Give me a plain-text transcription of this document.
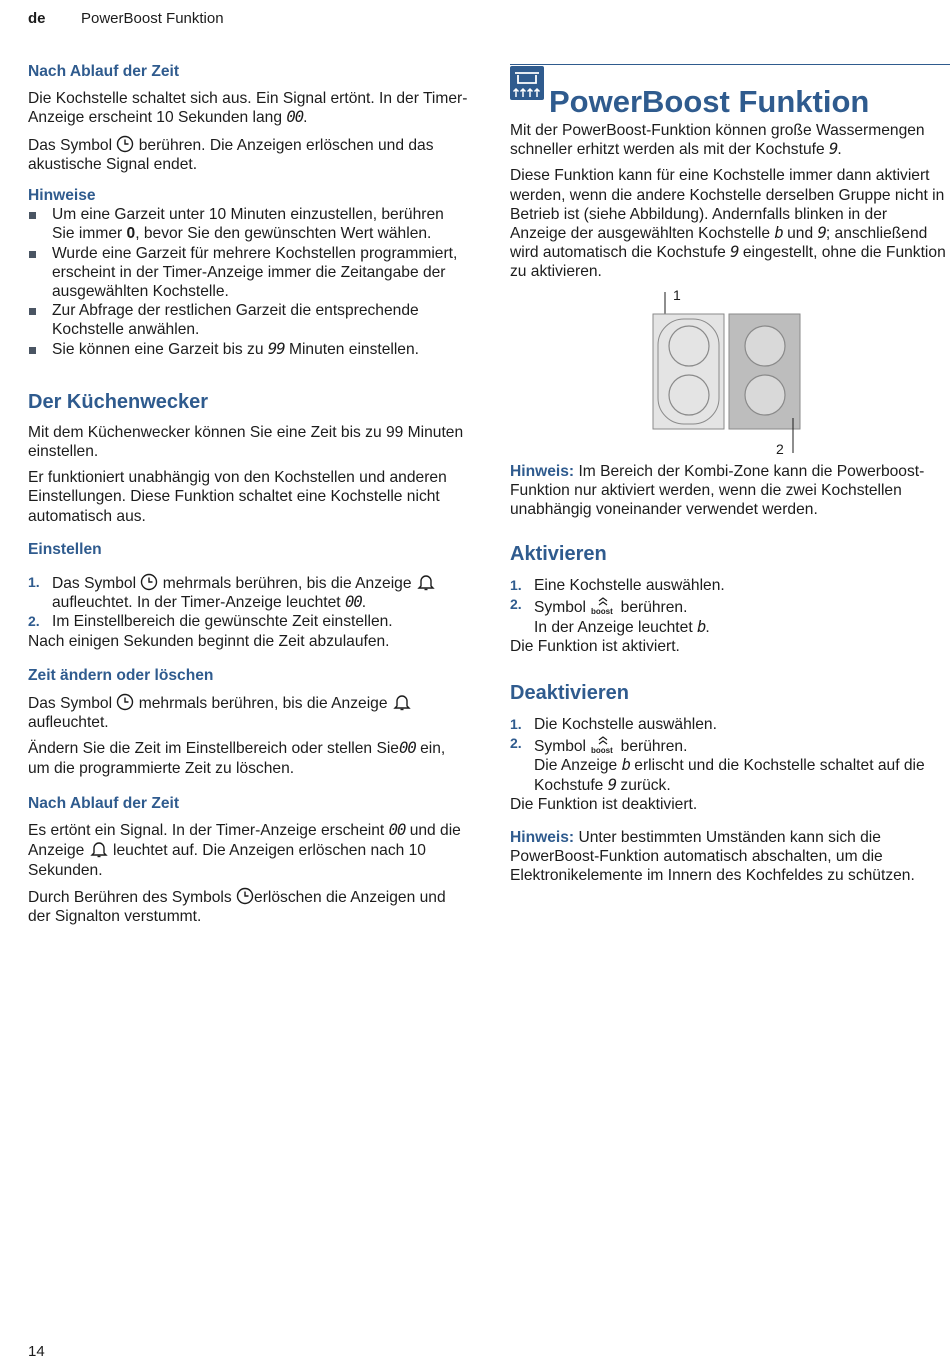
de PowerBoost Funktion
Nach Ablauf der Zeit

Die Kochstelle schaltet sich aus. Ein Signal ertönt. In der Timer-Anzeige erscheint 10 Sekunden lang 00.

Das Symbol  berühren. Die Anzeigen erlöschen und das akustische Signal endet.

Hinweise
Um eine Garzeit unter 10 Minuten einzustellen, berühren Sie immer 0, bevor Sie den gewünschten Wert wählen.
Wurde eine Garzeit für mehrere Kochstellen programmiert, erscheint in der Timer-Anzeige immer die Zeitangabe der ausgewählten Kochstelle.
Zur Abfrage der restlichen Garzeit die entsprechende Kochstelle anwählen.
Sie können eine Garzeit bis zu 99 Minuten einstellen.
Der Küchenwecker

Mit dem Küchenwecker können Sie eine Zeit bis zu 99 Minuten einstellen.

Er funktioniert unabhängig von den Kochstellen und anderen Einstellungen. Diese Funktion schaltet eine Kochstelle nicht automatisch aus.

Einstellen
1. Das Symbol  mehrmals berühren, bis die Anzeige  aufleuchtet. In der Timer-Anzeige leuchtet 00.
2. Im Einstellbereich die gewünschte Zeit einstellen.

Nach einigen Sekunden beginnt die Zeit abzulaufen.

Zeit ändern oder löschen

Das Symbol  mehrmals berühren, bis die Anzeige  aufleuchtet.

Ändern Sie die Zeit im Einstellbereich oder stellen Sie00 ein, um die programmierte Zeit zu löschen.

Nach Ablauf der Zeit

Es ertönt ein Signal. In der Timer-Anzeige erscheint 00 und die Anzeige  leuchtet auf. Die Anzeigen erlöschen nach 10 Sekunden.

Durch Berühren des Symbols erlöschen die Anzeigen und der Signalton verstummt.

PowerBoost Funktion

Mit der PowerBoost-Funktion können große Wassermengen schneller erhitzt werden als mit der Kochstufe 9.

Diese Funktion kann für eine Kochstelle immer dann aktiviert werden, wenn die andere Kochstelle derselben Gruppe nicht in Betrieb ist (siehe Abbildung). Andernfalls blinken in der Anzeige der ausgewählten Kochstelle b und 9; anschließend wird automatisch die Kochstufe 9 eingestellt, ohne die Funktion zu aktivieren.

1
2

Hinweis: Im Bereich der Kombi-Zone kann die Powerboost-Funktion nur aktiviert werden, wenn die zwei Kochstellen unabhängig voneinander verwendet werden.

Aktivieren
1. Eine Kochstelle auswählen.
2. Symbol boost berühren.
In der Anzeige leuchtet b.

Die Funktion ist aktiviert.

Deaktivieren
1. Die Kochstelle auswählen.
2. Symbol boost berühren.
Die Anzeige b erlischt und die Kochstelle schaltet auf die Kochstufe 9 zurück.

Die Funktion ist deaktiviert.

Hinweis: Unter bestimmten Umständen kann sich die PowerBoost-Funktion automatisch abschalten, um die Elektronikelemente im Innern des Kochfeldes zu schützen.

14
